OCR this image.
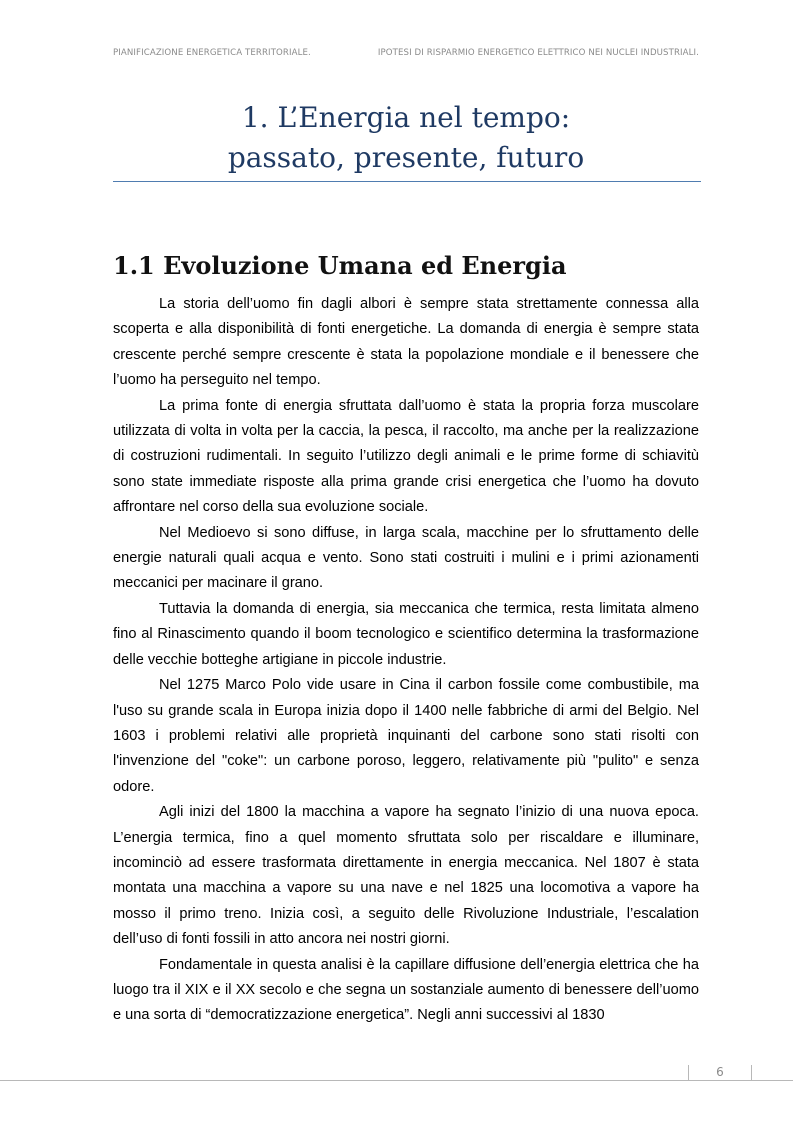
PIANIFICAZIONE ENERGETICA TERRITORIALE.	IPOTESI DI RISPARMIO ENERGETICO ELETTRICO NEI NUCLEI INDUSTRIALI.
1. L’Energia nel tempo:
passato, presente, futuro
1.1 Evoluzione Umana ed Energia

La storia dell’uomo fin dagli albori è sempre stata strettamente connessa alla scoperta e alla disponibilità di fonti energetiche. La domanda di energia è sempre stata crescente perché sempre crescente è stata la popolazione mondiale e il benessere che l’uomo ha perseguito nel tempo.

La prima fonte di energia sfruttata dall’uomo è stata la propria forza muscolare utilizzata di volta in volta per la caccia, la pesca, il raccolto, ma anche per la realizzazione di costruzioni rudimentali. In seguito l’utilizzo degli animali e le prime forme di schiavitù sono state immediate risposte alla prima grande crisi energetica che l’uomo ha dovuto affrontare nel corso della sua evoluzione sociale.

Nel Medioevo si sono diffuse, in larga scala, macchine per lo sfruttamento delle energie naturali quali acqua e vento. Sono stati costruiti i mulini e i primi azionamenti meccanici per macinare il grano.

Tuttavia la domanda di energia, sia meccanica che termica, resta limitata almeno fino al Rinascimento quando il boom tecnologico e scientifico determina la trasformazione delle vecchie botteghe artigiane in piccole industrie.

Nel 1275 Marco Polo vide usare in Cina il carbon fossile come combustibile, ma l'uso su grande scala in Europa inizia dopo il 1400 nelle fabbriche di armi del Belgio. Nel 1603 i problemi relativi alle proprietà inquinanti del carbone sono stati risolti con l'invenzione del "coke": un carbone poroso, leggero, relativamente più "pulito" e senza odore.

Agli inizi del 1800 la macchina a vapore ha segnato l’inizio di una nuova epoca. L’energia termica, fino a quel momento sfruttata solo per riscaldare e illuminare, incominciò ad essere trasformata direttamente in energia meccanica. Nel 1807 è stata montata una macchina a vapore su una nave e nel 1825 una locomotiva a vapore ha mosso il primo treno. Inizia così, a seguito delle Rivoluzione Industriale, l’escalation dell’uso di fonti fossili in atto ancora nei nostri giorni.

Fondamentale in questa analisi è la capillare diffusione dell’energia elettrica che ha luogo tra il XIX e il XX secolo e che segna un sostanziale aumento di benessere dell’uomo e una sorta di “democratizzazione energetica”. Negli anni successivi al 1830

6
